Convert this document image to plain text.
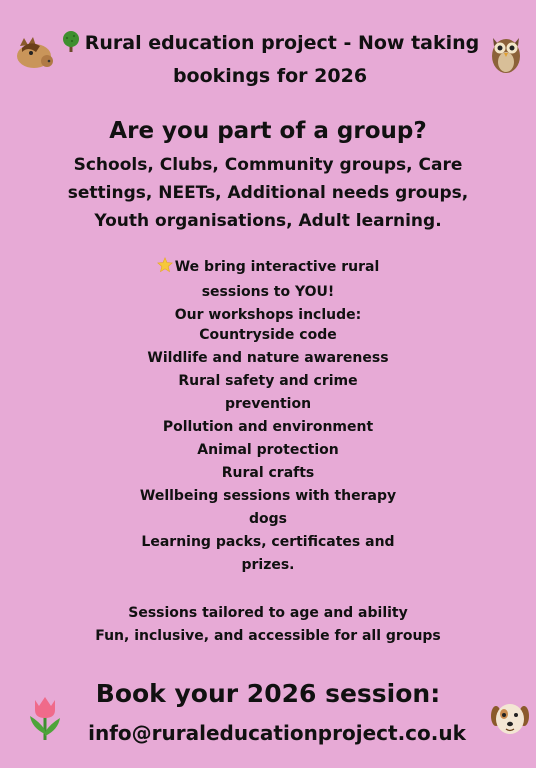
Rural education project - Now taking bookings for 2026
Are you part of a group?
Schools, Clubs, Community groups, Care settings, NEETs, Additional needs groups, Youth organisations, Adult learning.
We bring interactive rural sessions to YOU!
Our workshops include:
Countryside code
Wildlife and nature awareness
Rural safety and crime prevention
Pollution and environment
Animal protection
Rural crafts
Wellbeing sessions with therapy dogs
Learning packs, certificates and prizes.
Sessions tailored to age and ability
Fun, inclusive, and accessible for all groups
Book your 2026 session:
info@ruraleducationproject.co.uk
